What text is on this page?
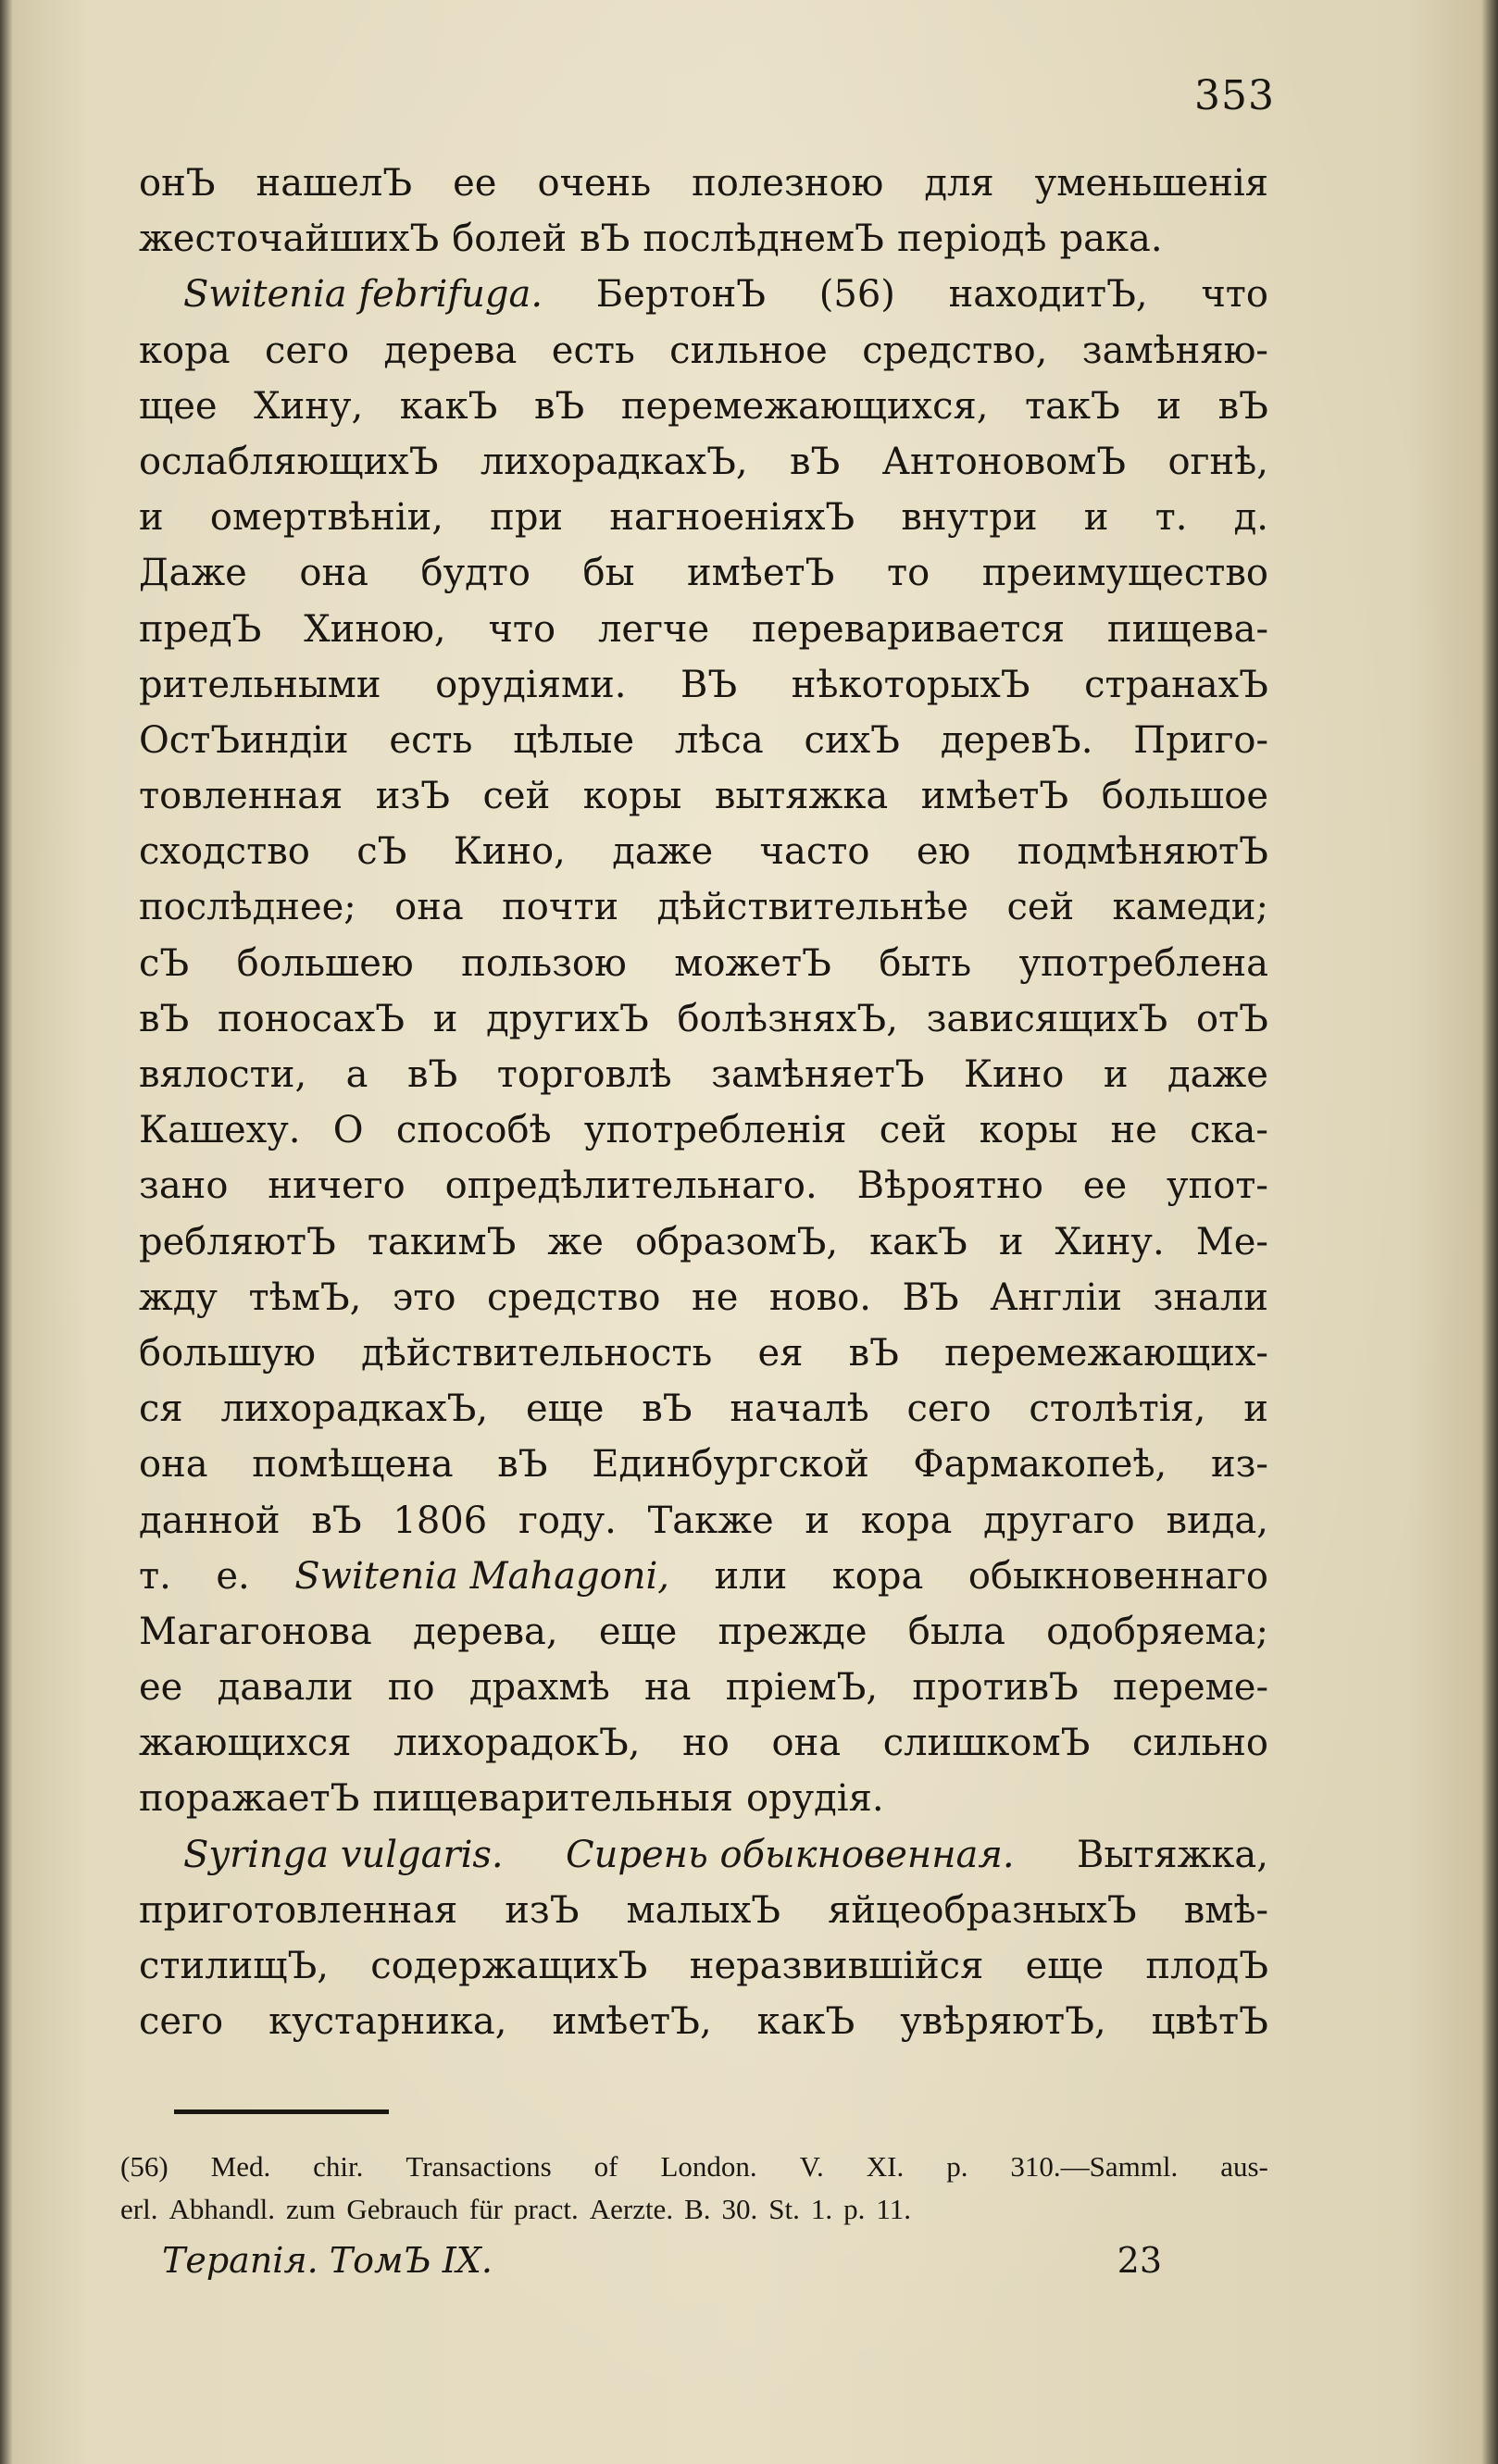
353
онЪ нашелЪ ее очень полезною для уменьшенія
жесточайшихЪ болей вЪ послѣднемЪ періодѣ рака.
Switenia febrifuga. БертонЪ (56) находитЪ, что
кора сего дерева есть сильное средство, замѣняю-
щее Хину, какЪ вЪ перемежающихся, такЪ и вЪ
ослабляющихЪ лихорадкахЪ, вЪ АнтоновомЪ огнѣ,
и омертвѣніи, при нагноеніяхЪ внутри и т. д.
Даже она будто бы имѣетЪ то преимущество
предЪ Хиною, что легче переваривается пищева-
рительными орудіями. ВЪ нѣкоторыхЪ странахЪ
ОстЪиндіи есть цѣлые лѣса сихЪ деревЪ. Приго-
товленная изЪ сей коры вытяжка имѣетЪ большое
сходство сЪ Кино, даже часто ею подмѣняютЪ
послѣднее; она почти дѣйствительнѣе сей камеди;
сЪ большею пользою можетЪ быть употреблена
вЪ поносахЪ и другихЪ болѣзняхЪ, зависящихЪ отЪ
вялости, а вЪ торговлѣ замѣняетЪ Кино и даже
Кашеху. О способѣ употребленія сей коры не ска-
зано ничего опредѣлительнаго. Вѣроятно ее упот-
ребляютЪ такимЪ же образомЪ, какЪ и Хину. Ме-
жду тѣмЪ, это средство не ново. ВЪ Англіи знали
большую дѣйствительность ея вЪ перемежающих-
ся лихорадкахЪ, еще вЪ началѣ сего столѣтія, и
она помѣщена вЪ Единбургской Фармакопеѣ, из-
данной вЪ 1806 году. Также и кора другаго вида,
т. е. Switenia Mahagoni, или кора обыкновеннаго
Магагонова дерева, еще прежде была одобряема;
ее давали по драхмѣ на пріемЪ, противЪ переме-
жающихся лихорадокЪ, но она слишкомЪ сильно
поражаетЪ пищеварительныя орудія.
Syringa vulgaris. Сирень обыкновенная. Вытяжка,
приготовленная изЪ малыхЪ яйцеобразныхЪ вмѣ-
стилищЪ, содержащихЪ неразвившійся еще плодЪ
сего кустарника, имѣетЪ, какЪ увѣряютЪ, цвѣтЪ
(56) Med. chir. Transactions of London. V. XI. p. 310.—Samml. aus-
erl. Abhandl. zum Gebrauch für pract. Aerzte. B. 30. St. 1. p. 11.
Терапія. ТомЪ IX.	23
